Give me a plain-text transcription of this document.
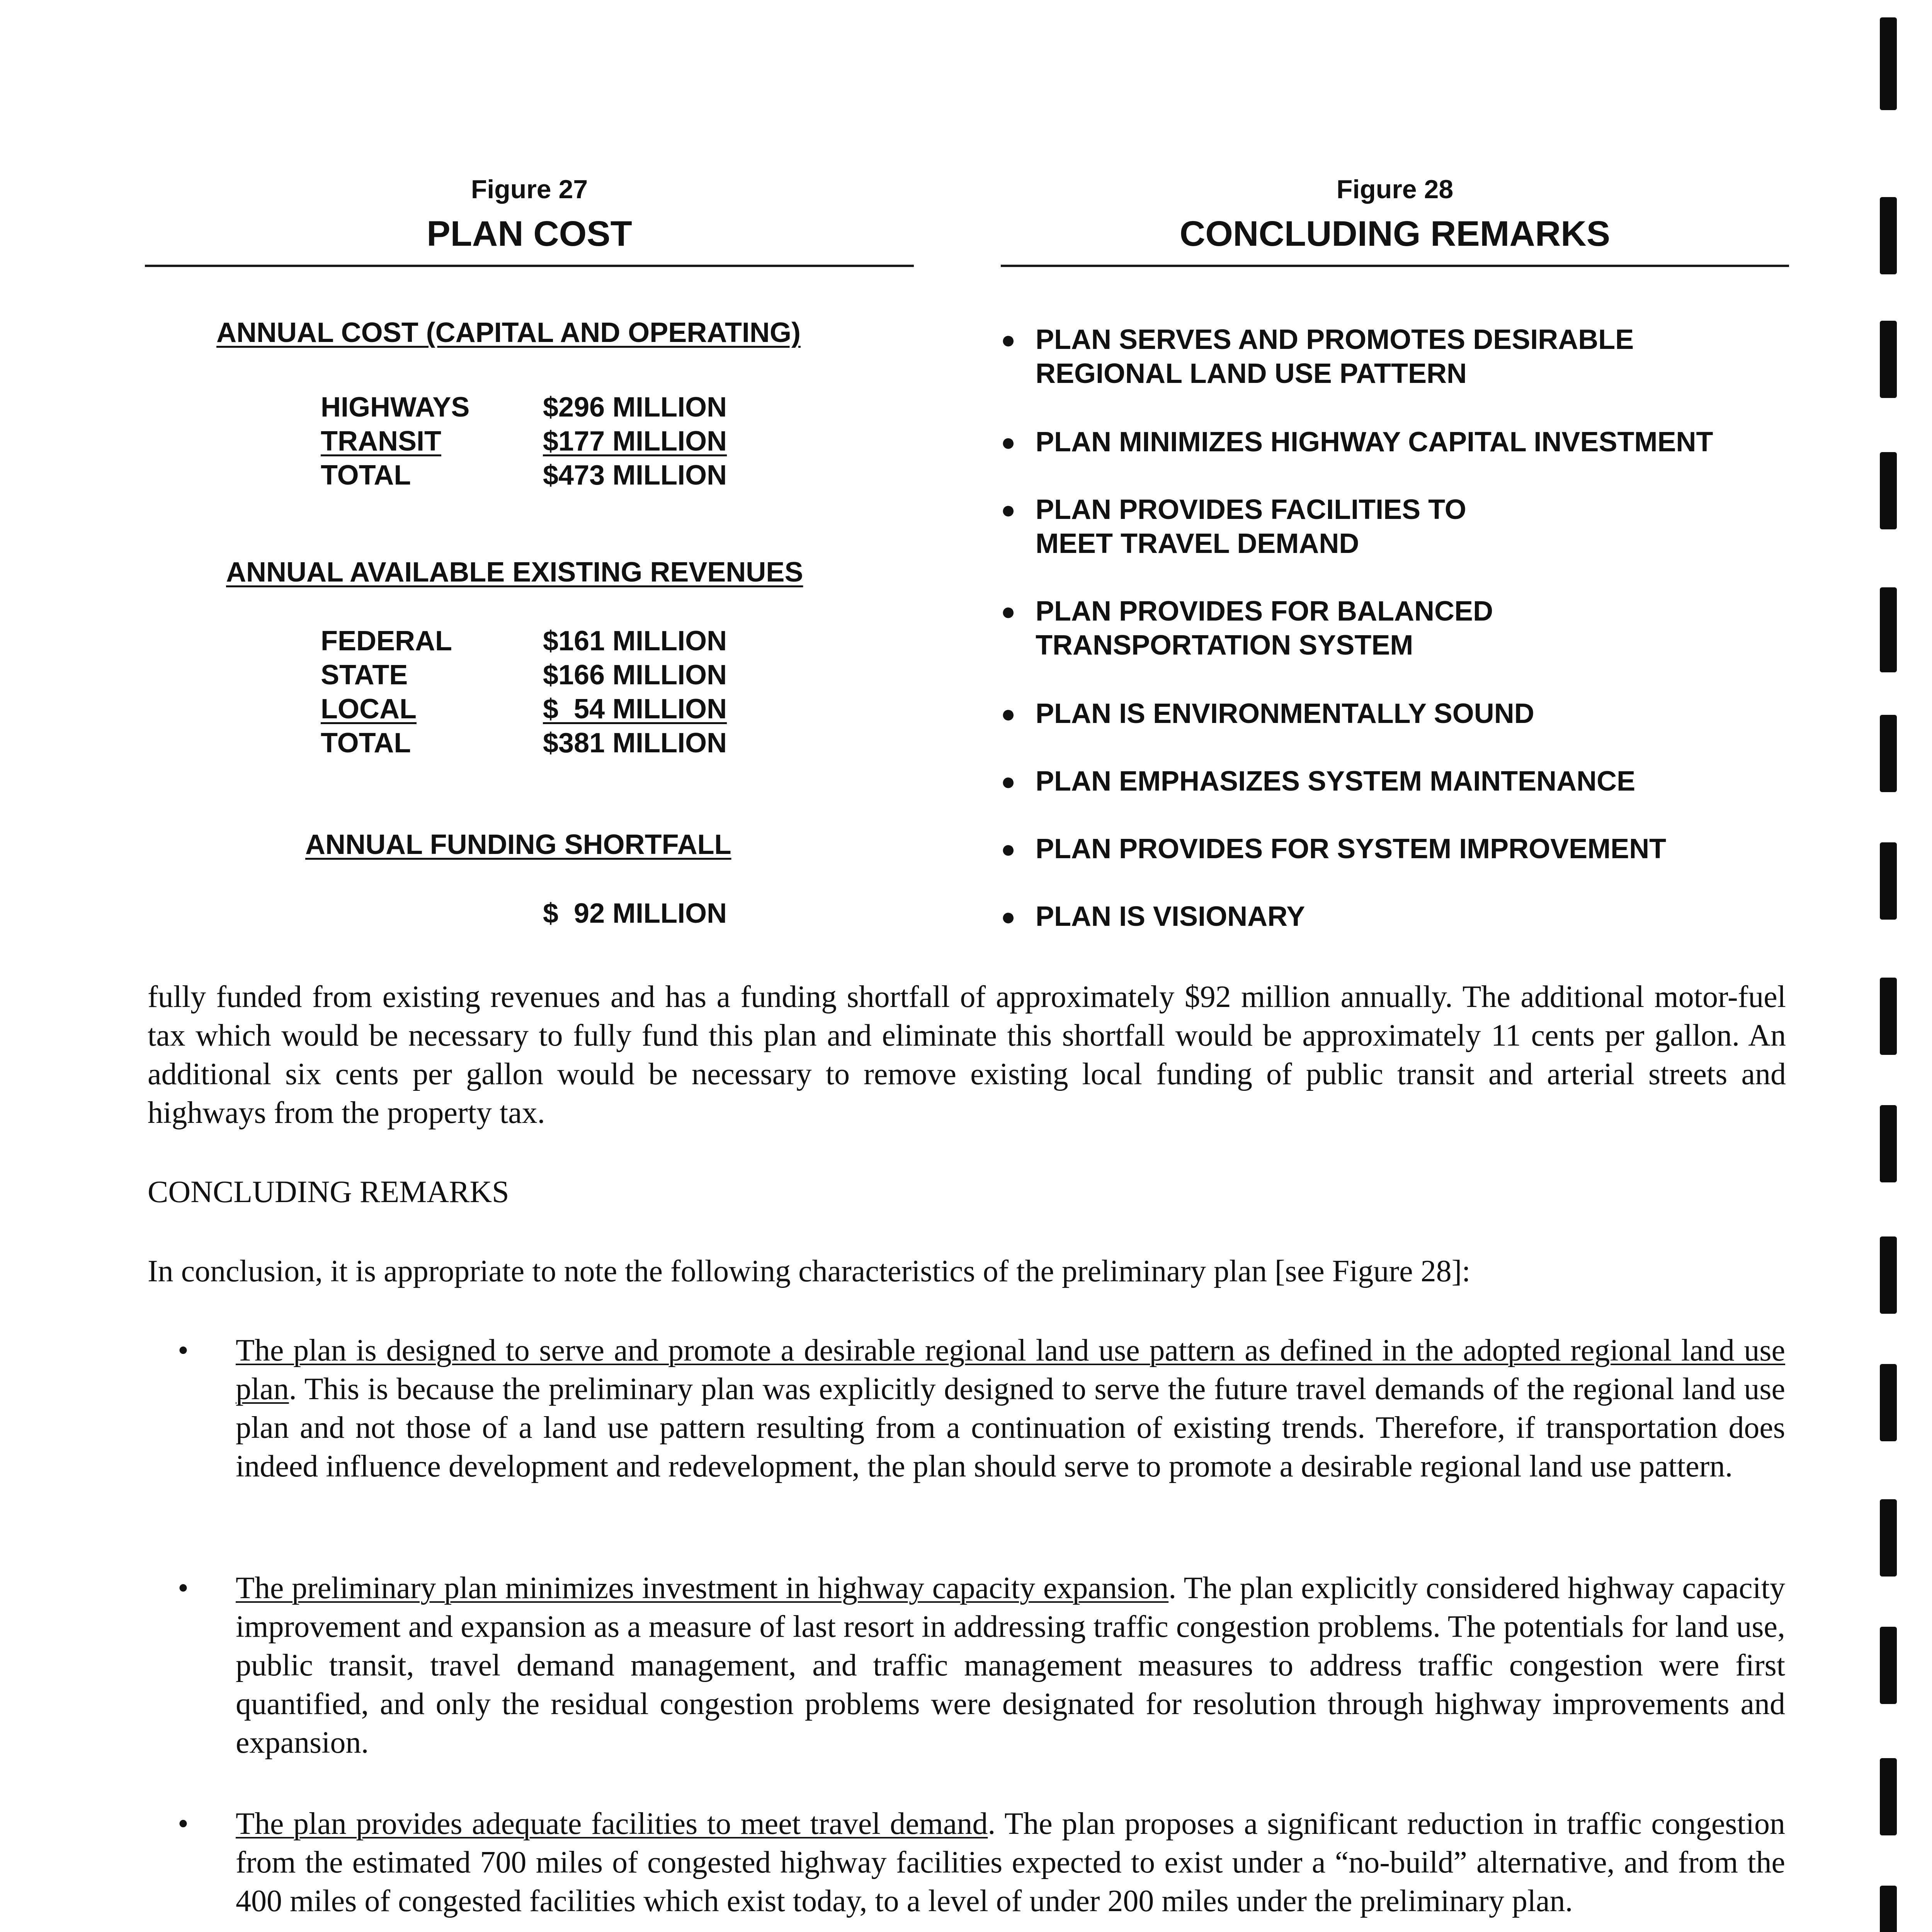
Figure 27
PLAN COST
ANNUAL COST (CAPITAL AND OPERATING)
HIGHWAYS	$296 MILLION
TRANSIT	$177 MILLION
TOTAL	$473 MILLION
ANNUAL AVAILABLE EXISTING REVENUES
FEDERAL	$161 MILLION
STATE	$166 MILLION
LOCAL	$  54 MILLION
TOTAL	$381 MILLION
ANNUAL FUNDING SHORTFALL
$  92 MILLION
Figure 28
CONCLUDING REMARKS
● PLAN SERVES AND PROMOTES DESIRABLE
REGIONAL LAND USE PATTERN
● PLAN MINIMIZES HIGHWAY CAPITAL INVESTMENT
● PLAN PROVIDES FACILITIES TO
MEET TRAVEL DEMAND
● PLAN PROVIDES FOR BALANCED
TRANSPORTATION SYSTEM
● PLAN IS ENVIRONMENTALLY SOUND
● PLAN EMPHASIZES SYSTEM MAINTENANCE
● PLAN PROVIDES FOR SYSTEM IMPROVEMENT
● PLAN IS VISIONARY

fully funded from existing revenues and has a funding shortfall of approximately $92 million annually. The additional motor-fuel tax which would be necessary to fully fund this plan and eliminate this shortfall would be approximately 11 cents per gallon. An additional six cents per gallon would be necessary to remove existing local funding of public transit and arterial streets and highways from the property tax.

CONCLUDING REMARKS

In conclusion, it is appropriate to note the following characteristics of the preliminary plan [see Figure 28]:

• The plan is designed to serve and promote a desirable regional land use pattern as defined in the adopted regional land use plan. This is because the preliminary plan was explicitly designed to serve the future travel demands of the regional land use plan and not those of a land use pattern resulting from a continuation of existing trends. Therefore, if transportation does indeed influence development and redevelopment, the plan should serve to promote a desirable regional land use pattern.
• The preliminary plan minimizes investment in highway capacity expansion. The plan explicitly considered highway capacity improvement and expansion as a measure of last resort in addressing traffic congestion problems. The potentials for land use, public transit, travel demand management, and traffic management measures to address traffic congestion were first quantified, and only the residual congestion problems were designated for resolution through highway improvements and expansion.
• The plan provides adequate facilities to meet travel demand. The plan proposes a significant reduction in traffic congestion from the estimated 700 miles of congested highway facilities expected to exist under a “no-build” alternative, and from the 400 miles of congested facilities which exist today, to a level of under 200 miles under the preliminary plan.
